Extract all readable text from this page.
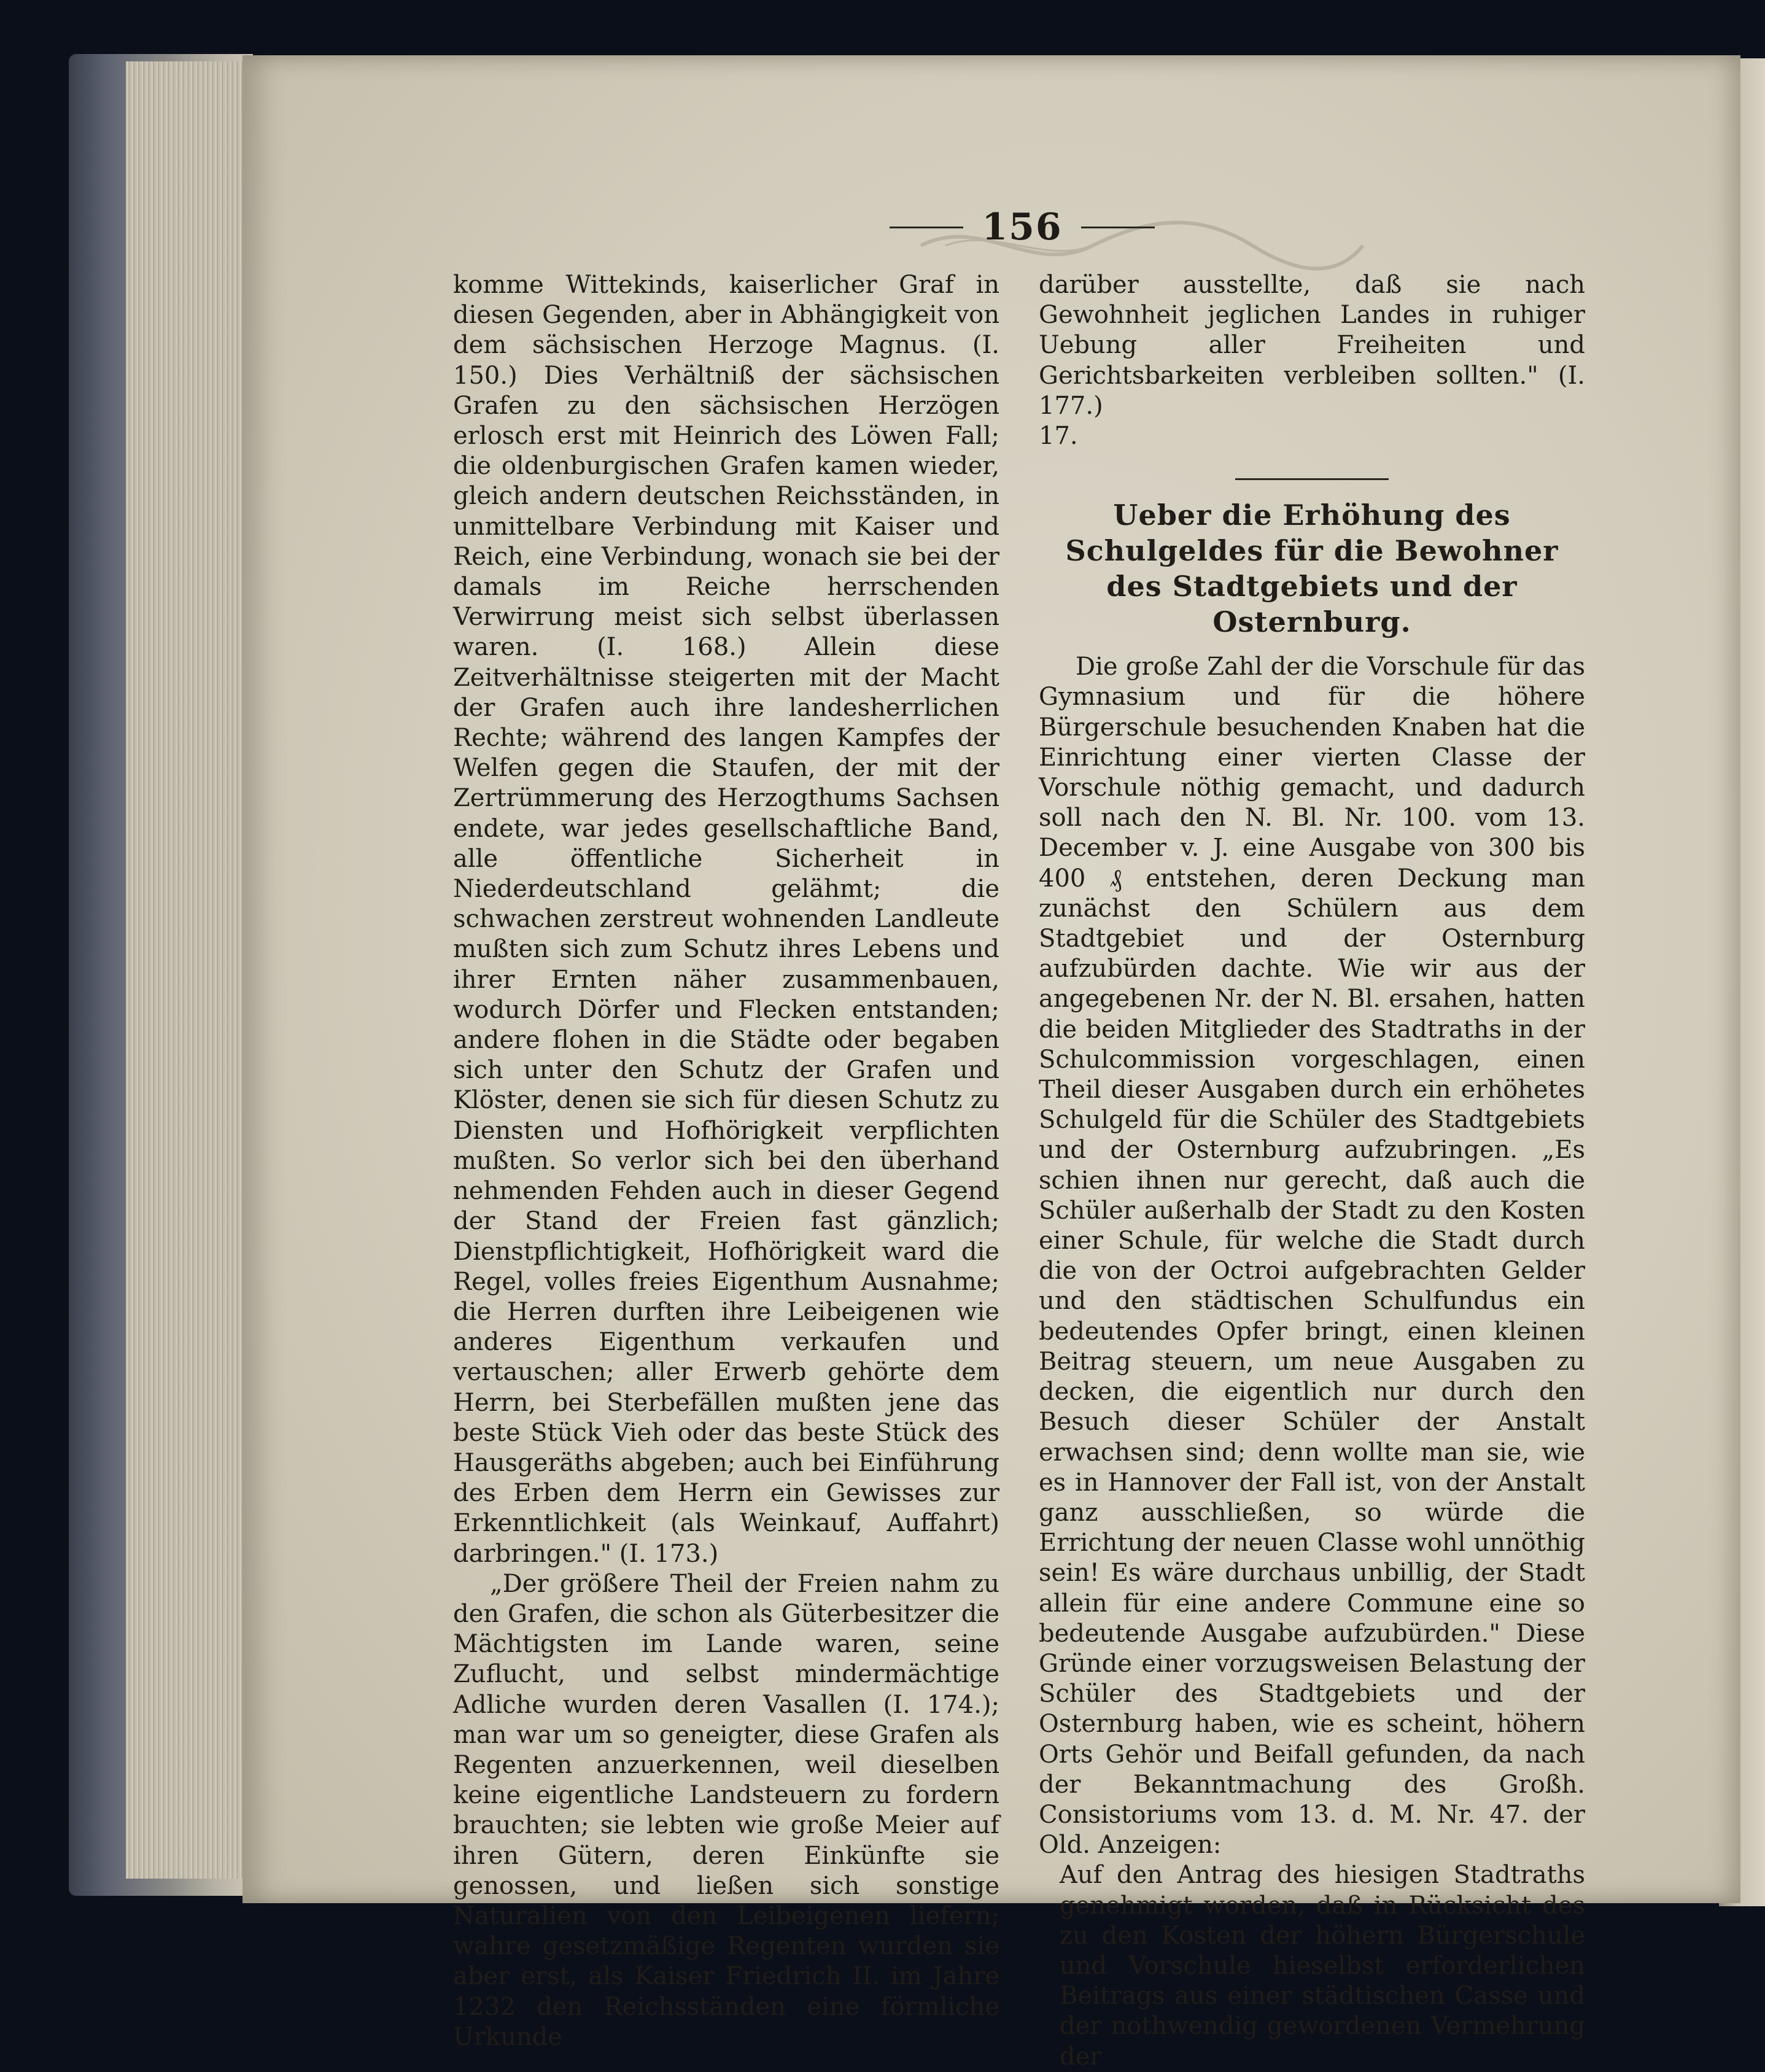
156

komme Wittekinds, kaiserlicher Graf in diesen Gegenden, aber in Abhängigkeit von dem sächsischen Herzoge Magnus. (I. 150.) Dies Verhältniß der sächsischen Grafen zu den sächsischen Herzögen erlosch erst mit Heinrich des Löwen Fall; die oldenburgischen Grafen kamen wieder, gleich andern deutschen Reichsständen, in unmittelbare Verbindung mit Kaiser und Reich, eine Verbindung, wonach sie bei der damals im Reiche herrschenden Verwirrung meist sich selbst überlassen waren. (I. 168.) Allein diese Zeitverhältnisse steigerten mit der Macht der Grafen auch ihre landesherrlichen Rechte; während des langen Kampfes der Welfen gegen die Staufen, der mit der Zertrümmerung des Herzogthums Sachsen endete, war jedes gesellschaftliche Band, alle öffentliche Sicherheit in Niederdeutschland gelähmt; die schwachen zerstreut wohnenden Landleute mußten sich zum Schutz ihres Lebens und ihrer Ernten näher zusammenbauen, wodurch Dörfer und Flecken entstanden; andere flohen in die Städte oder begaben sich unter den Schutz der Grafen und Klöster, denen sie sich für diesen Schutz zu Diensten und Hofhörigkeit verpflichten mußten. So verlor sich bei den überhand nehmenden Fehden auch in dieser Gegend der Stand der Freien fast gänzlich; Dienstpflichtigkeit, Hofhörigkeit ward die Regel, volles freies Eigenthum Ausnahme; die Herren durften ihre Leibeigenen wie anderes Eigenthum verkaufen und vertauschen; aller Erwerb gehörte dem Herrn, bei Sterbefällen mußten jene das beste Stück Vieh oder das beste Stück des Hausgeräths abgeben; auch bei Einführung des Erben dem Herrn ein Gewisses zur Erkenntlichkeit (als Weinkauf, Auffahrt) darbringen." (I. 173.)

„Der größere Theil der Freien nahm zu den Grafen, die schon als Güterbesitzer die Mächtigsten im Lande waren, seine Zuflucht, und selbst mindermächtige Adliche wurden deren Vasallen (I. 174.); man war um so geneigter, diese Grafen als Regenten anzuerkennen, weil dieselben keine eigentliche Landsteuern zu fordern brauchten; sie lebten wie große Meier auf ihren Gütern, deren Einkünfte sie genossen, und ließen sich sonstige Naturalien von den Leibeigenen liefern; wahre gesetzmäßige Regenten wurden sie aber erst, als Kaiser Friedrich II. im Jahre 1232 den Reichsständen eine förmliche Urkunde

darüber ausstellte, daß sie nach Gewohnheit jeglichen Landes in ruhiger Uebung aller Freiheiten und Gerichtsbarkeiten verbleiben sollten." (I. 177.)

17.

Ueber die Erhöhung des Schulgeldes für die Bewohner des Stadtgebiets und der Osternburg.

Die große Zahl der die Vorschule für das Gymnasium und für die höhere Bürgerschule besuchenden Knaben hat die Einrichtung einer vierten Classe der Vorschule nöthig gemacht, und dadurch soll nach den N. Bl. Nr. 100. vom 13. December v. J. eine Ausgabe von 300 bis 400 ₰ entstehen, deren Deckung man zunächst den Schülern aus dem Stadtgebiet und der Osternburg aufzubürden dachte. Wie wir aus der angegebenen Nr. der N. Bl. ersahen, hatten die beiden Mitglieder des Stadtraths in der Schulcommission vorgeschlagen, einen Theil dieser Ausgaben durch ein erhöhetes Schulgeld für die Schüler des Stadtgebiets und der Osternburg aufzubringen. „Es schien ihnen nur gerecht, daß auch die Schüler außerhalb der Stadt zu den Kosten einer Schule, für welche die Stadt durch die von der Octroi aufgebrachten Gelder und den städtischen Schulfundus ein bedeutendes Opfer bringt, einen kleinen Beitrag steuern, um neue Ausgaben zu decken, die eigentlich nur durch den Besuch dieser Schüler der Anstalt erwachsen sind; denn wollte man sie, wie es in Hannover der Fall ist, von der Anstalt ganz ausschließen, so würde die Errichtung der neuen Classe wohl unnöthig sein! Es wäre durchaus unbillig, der Stadt allein für eine andere Commune eine so bedeutende Ausgabe aufzubürden." Diese Gründe einer vorzugsweisen Belastung der Schüler des Stadtgebiets und der Osternburg haben, wie es scheint, höhern Orts Gehör und Beifall gefunden, da nach der Bekanntmachung des Großh. Consistoriums vom 13. d. M. Nr. 47. der Old. Anzeigen:

Auf den Antrag des hiesigen Stadtraths genehmigt worden, daß in Rücksicht des zu den Kosten der höhern Bürgerschule und Vorschule hieselbst erforderlichen Beitrags aus einer städtischen Casse und der nothwendig gewordenen Vermehrung der
